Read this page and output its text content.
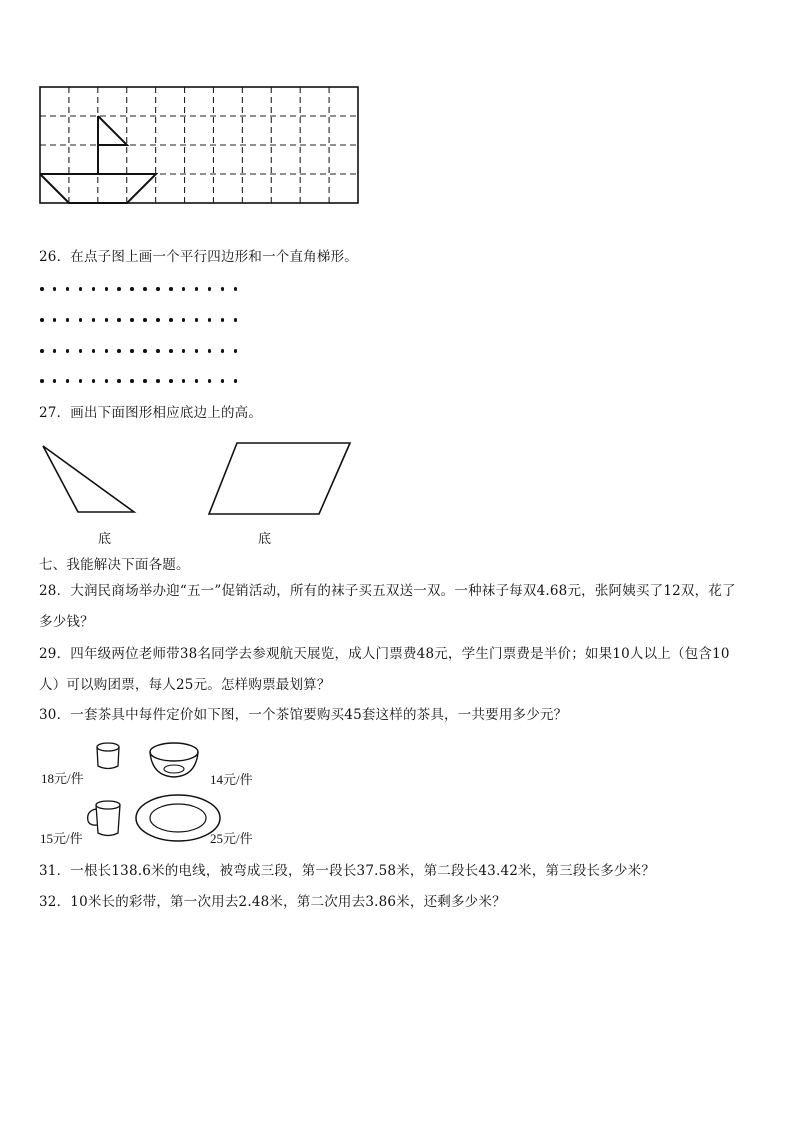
26．在点子图上画一个平行四边形和一个直角梯形。
27．画出下面图形相应底边上的高。
底	底
七、我能解决下面各题。
28．大润民商场举办迎“五一”促销活动，所有的袜子买五双送一双。一种袜子每双4.68元，张阿姨买了12双，花了
多少钱？
29．四年级两位老师带38名同学去参观航天展览，成人门票费48元，学生门票费是半价；如果10人以上（包含10
人）可以购团票，每人25元。怎样购票最划算？
30．一套茶具中每件定价如下图，一个茶馆要购买45套这样的茶具，一共要用多少元？
18元/件	14元/件
15元/件	25元/件
31．一根长138.6米的电线，被弯成三段，第一段长37.58米，第二段长43.42米，第三段长多少米？
32．10米长的彩带，第一次用去2.48米，第二次用去3.86米，还剩多少米？
